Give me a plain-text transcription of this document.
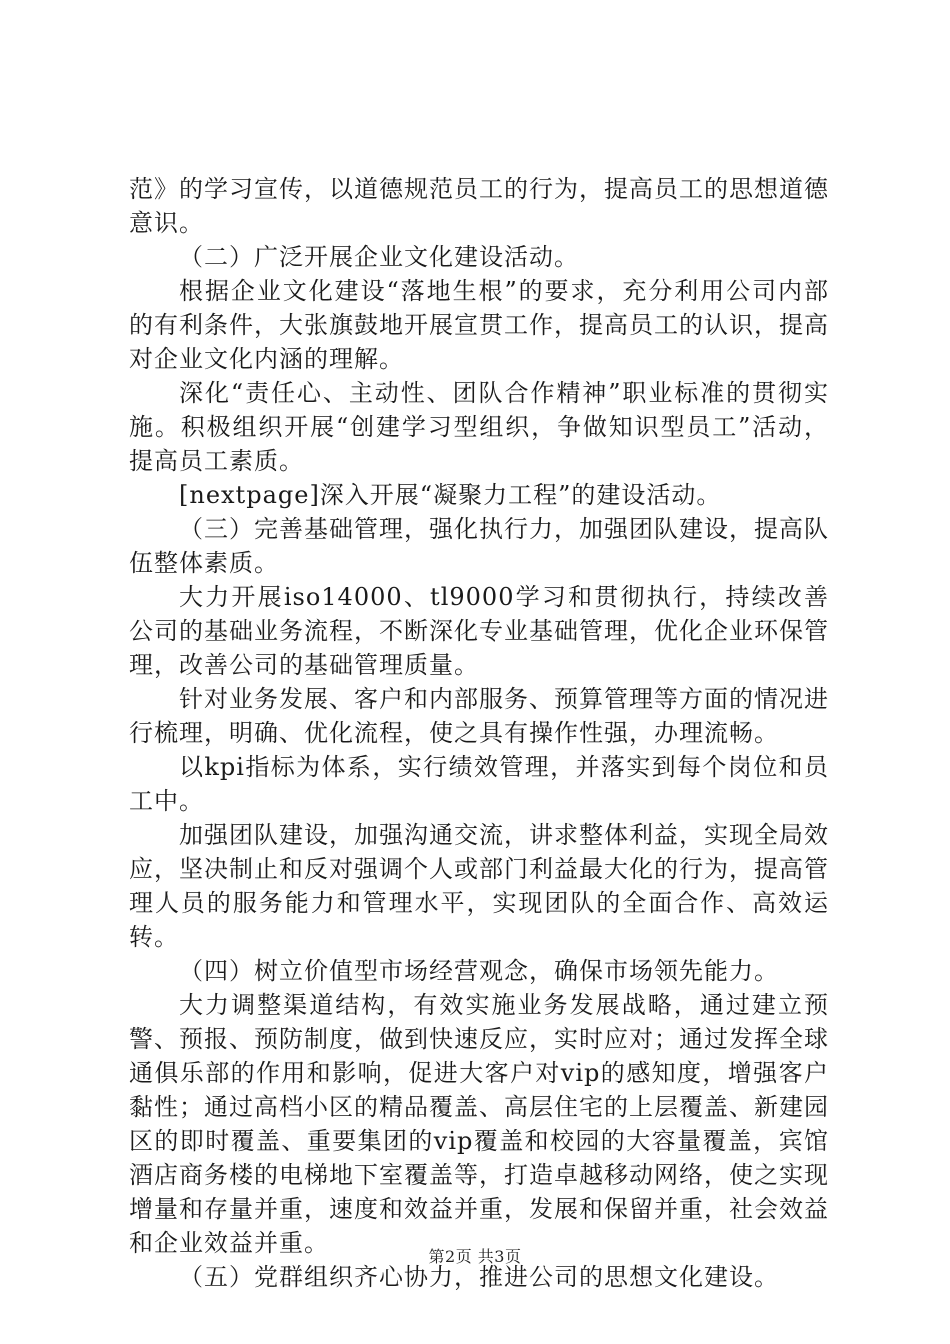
范》的学习宣传，以道德规范员工的行为，提高员工的思想道德意识。

（二）广泛开展企业文化建设活动。

根据企业文化建设“落地生根”的要求，充分利用公司内部的有利条件，大张旗鼓地开展宣贯工作，提高员工的认识，提高对企业文化内涵的理解。

深化“责任心、主动性、团队合作精神”职业标准的贯彻实施。积极组织开展“创建学习型组织，争做知识型员工”活动，提高员工素质。

[nextpage]深入开展“凝聚力工程”的建设活动。

（三）完善基础管理，强化执行力，加强团队建设，提高队伍整体素质。

大力开展iso14000、tl9000学习和贯彻执行，持续改善公司的基础业务流程，不断深化专业基础管理，优化企业环保管理，改善公司的基础管理质量。

针对业务发展、客户和内部服务、预算管理等方面的情况进行梳理，明确、优化流程，使之具有操作性强，办理流畅。

以kpi指标为体系，实行绩效管理，并落实到每个岗位和员工中。

加强团队建设，加强沟通交流，讲求整体利益，实现全局效应，坚决制止和反对强调个人或部门利益最大化的行为，提高管理人员的服务能力和管理水平，实现团队的全面合作、高效运转。

（四）树立价值型市场经营观念，确保市场领先能力。

大力调整渠道结构，有效实施业务发展战略，通过建立预警、预报、预防制度，做到快速反应，实时应对；通过发挥全球通俱乐部的作用和影响，促进大客户对vip的感知度，增强客户黏性；通过高档小区的精品覆盖、高层住宅的上层覆盖、新建园区的即时覆盖、重要集团的vip覆盖和校园的大容量覆盖，宾馆酒店商务楼的电梯地下室覆盖等，打造卓越移动网络，使之实现增量和存量并重，速度和效益并重，发展和保留并重，社会效益和企业效益并重。

（五）党群组织齐心协力，推进公司的思想文化建设。

第2页 共3页
